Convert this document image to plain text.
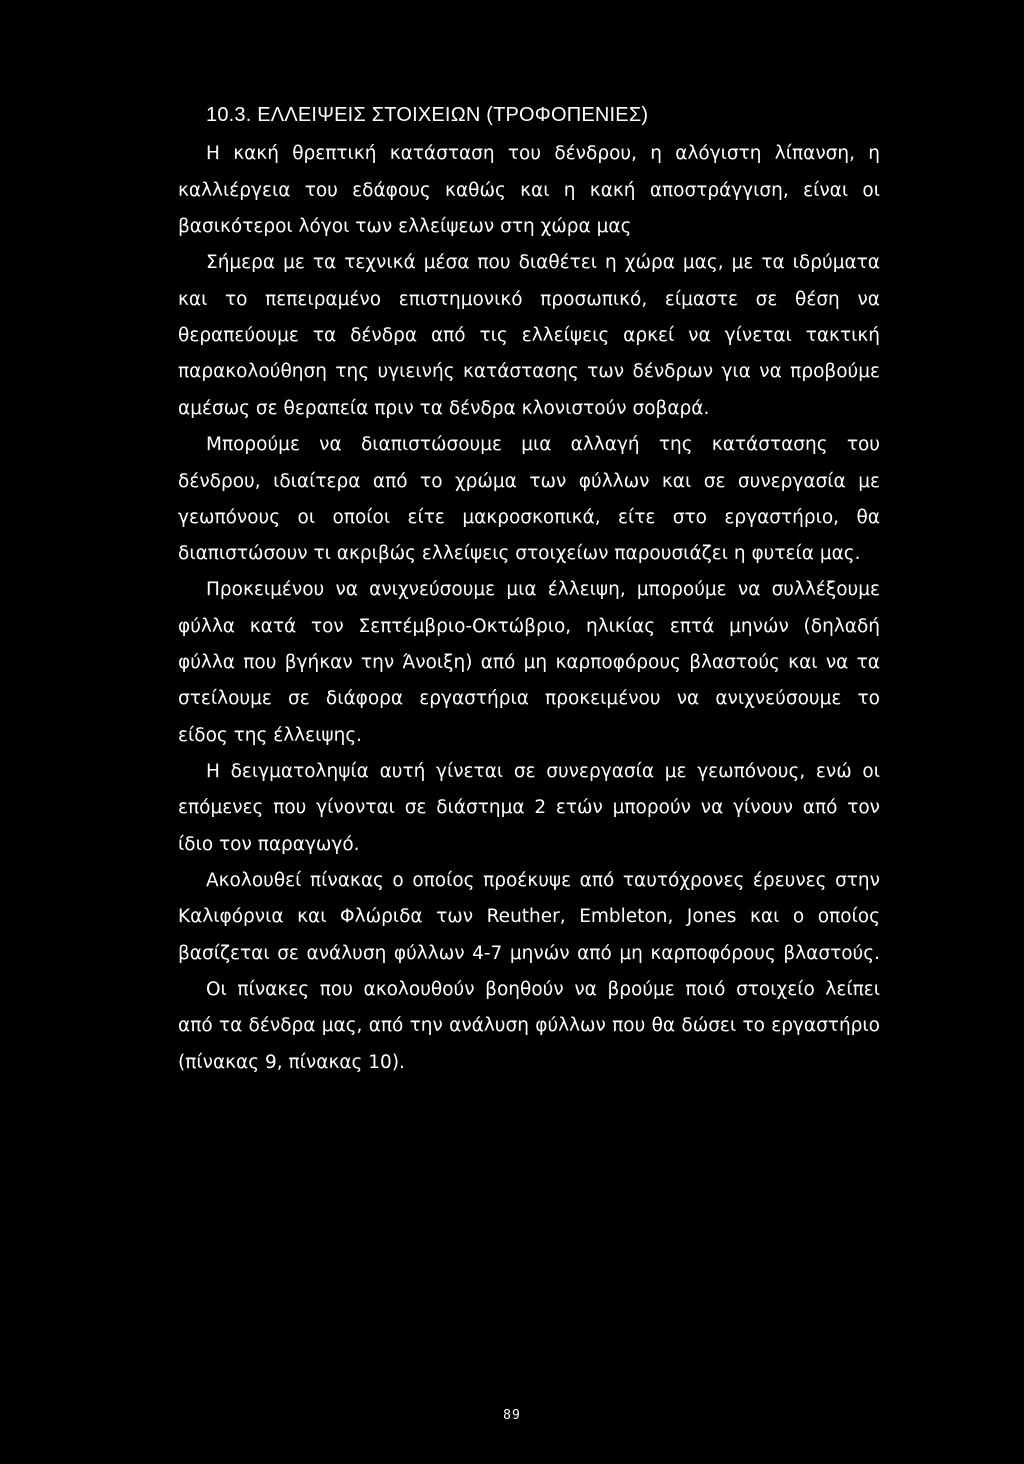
10.3. ΕΛΛΕΙΨΕΙΣ ΣΤΟΙΧΕΙΩΝ (ΤΡΟΦΟΠΕΝΙΕΣ)
Η κακή θρεπτική κατάσταση του δένδρου, η αλόγιστη λίπανση, η
καλλιέργεια του εδάφους καθώς και η κακή αποστράγγιση, είναι οι
βασικότεροι λόγοι των ελλείψεων στη χώρα μας
Σήμερα με τα τεχνικά μέσα που διαθέτει η χώρα μας, με τα ιδρύματα
και το πεπειραμένο επιστημονικό προσωπικό, είμαστε σε θέση να
θεραπεύουμε τα δένδρα από τις ελλείψεις αρκεί να γίνεται τακτική
παρακολούθηση της υγιεινής κατάστασης των δένδρων για να προβούμε
αμέσως σε θεραπεία πριν τα δένδρα κλονιστούν σοβαρά.
Μπορούμε να διαπιστώσουμε μια αλλαγή της κατάστασης του
δένδρου, ιδιαίτερα από το χρώμα των φύλλων και σε συνεργασία με
γεωπόνους οι οποίοι είτε μακροσκοπικά, είτε στο εργαστήριο, θα
διαπιστώσουν τι ακριβώς ελλείψεις στοιχείων παρουσιάζει η φυτεία μας.
Προκειμένου να ανιχνεύσουμε μια έλλειψη, μπορούμε να συλλέξουμε
φύλλα κατά τον Σεπτέμβριο-Οκτώβριο, ηλικίας επτά μηνών (δηλαδή
φύλλα που βγήκαν την Άνοιξη) από μη καρποφόρους βλαστούς και να τα
στείλουμε σε διάφορα εργαστήρια προκειμένου να ανιχνεύσουμε το
είδος της έλλειψης.
Η δειγματοληψία αυτή γίνεται σε συνεργασία με γεωπόνους, ενώ οι
επόμενες που γίνονται σε διάστημα 2 ετών μπορούν να γίνουν από τον
ίδιο τον παραγωγό.
Ακολουθεί πίνακας ο οποίος προέκυψε από ταυτόχρονες έρευνες στην
Καλιφόρνια και Φλώριδα των Reuther, Embleton, Jones και ο οποίος
βασίζεται σε ανάλυση φύλλων 4-7 μηνών από μη καρποφόρους βλαστούς.
Οι πίνακες που ακολουθούν βοηθούν να βρούμε ποιό στοιχείο λείπει
από τα δένδρα μας, από την ανάλυση φύλλων που θα δώσει το εργαστήριο
(πίνακας 9, πίνακας 10).
89
